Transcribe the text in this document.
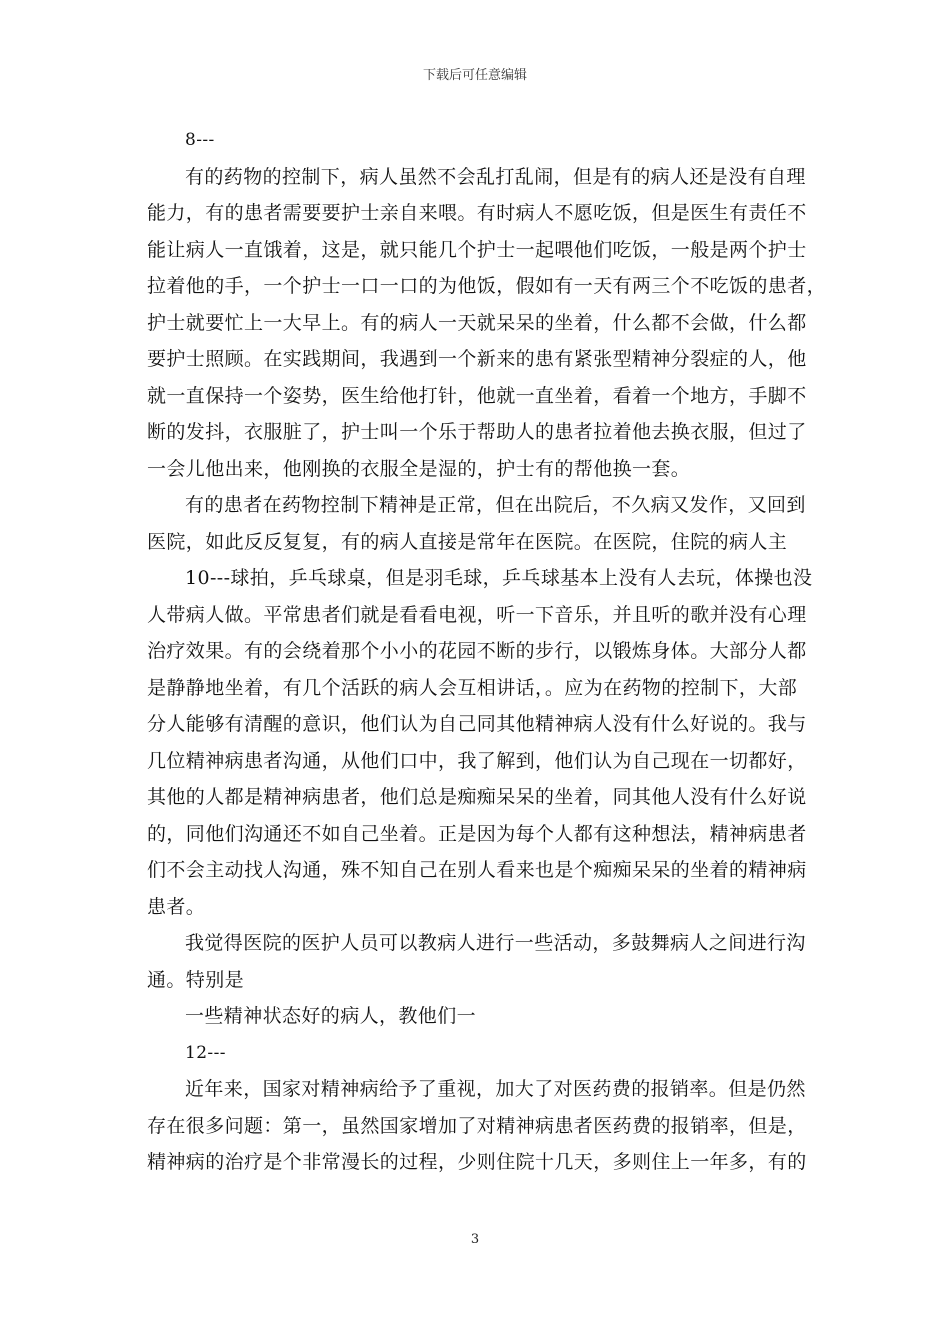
下载后可任意编辑
8---
有的药物的控制下，病人虽然不会乱打乱闹，但是有的病人还是没有自理
能力，有的患者需要要护士亲自来喂。有时病人不愿吃饭，但是医生有责任不
能让病人一直饿着，这是，就只能几个护士一起喂他们吃饭，一般是两个护士
拉着他的手，一个护士一口一口的为他饭，假如有一天有两三个不吃饭的患者，
护士就要忙上一大早上。有的病人一天就呆呆的坐着，什么都不会做，什么都
要护士照顾。在实践期间，我遇到一个新来的患有紧张型精神分裂症的人，他
就一直保持一个姿势，医生给他打针，他就一直坐着，看着一个地方，手脚不
断的发抖，衣服脏了，护士叫一个乐于帮助人的患者拉着他去换衣服，但过了
一会儿他出来，他刚换的衣服全是湿的，护士有的帮他换一套。
有的患者在药物控制下精神是正常，但在出院后，不久病又发作，又回到
医院，如此反反复复，有的病人直接是常年在医院。在医院，住院的病人主
10---球拍，乒乓球桌，但是羽毛球，乒乓球基本上没有人去玩，体操也没
人带病人做。平常患者们就是看看电视，听一下音乐，并且听的歌并没有心理
治疗效果。有的会绕着那个小小的花园不断的步行，以锻炼身体。大部分人都
是静静地坐着，有几个活跃的病人会互相讲话，。应为在药物的控制下，大部
分人能够有清醒的意识，他们认为自己同其他精神病人没有什么好说的。我与
几位精神病患者沟通，从他们口中，我了解到，他们认为自己现在一切都好，
其他的人都是精神病患者，他们总是痴痴呆呆的坐着，同其他人没有什么好说
的，同他们沟通还不如自己坐着。正是因为每个人都有这种想法，精神病患者
们不会主动找人沟通，殊不知自己在别人看来也是个痴痴呆呆的坐着的精神病
患者。
我觉得医院的医护人员可以教病人进行一些活动，多鼓舞病人之间进行沟
通。特别是
一些精神状态好的病人，教他们一
12---
近年来，国家对精神病给予了重视，加大了对医药费的报销率。但是仍然
存在很多问题：第一，虽然国家增加了对精神病患者医药费的报销率，但是，
精神病的治疗是个非常漫长的过程，少则住院十几天，多则住上一年多，有的
3
